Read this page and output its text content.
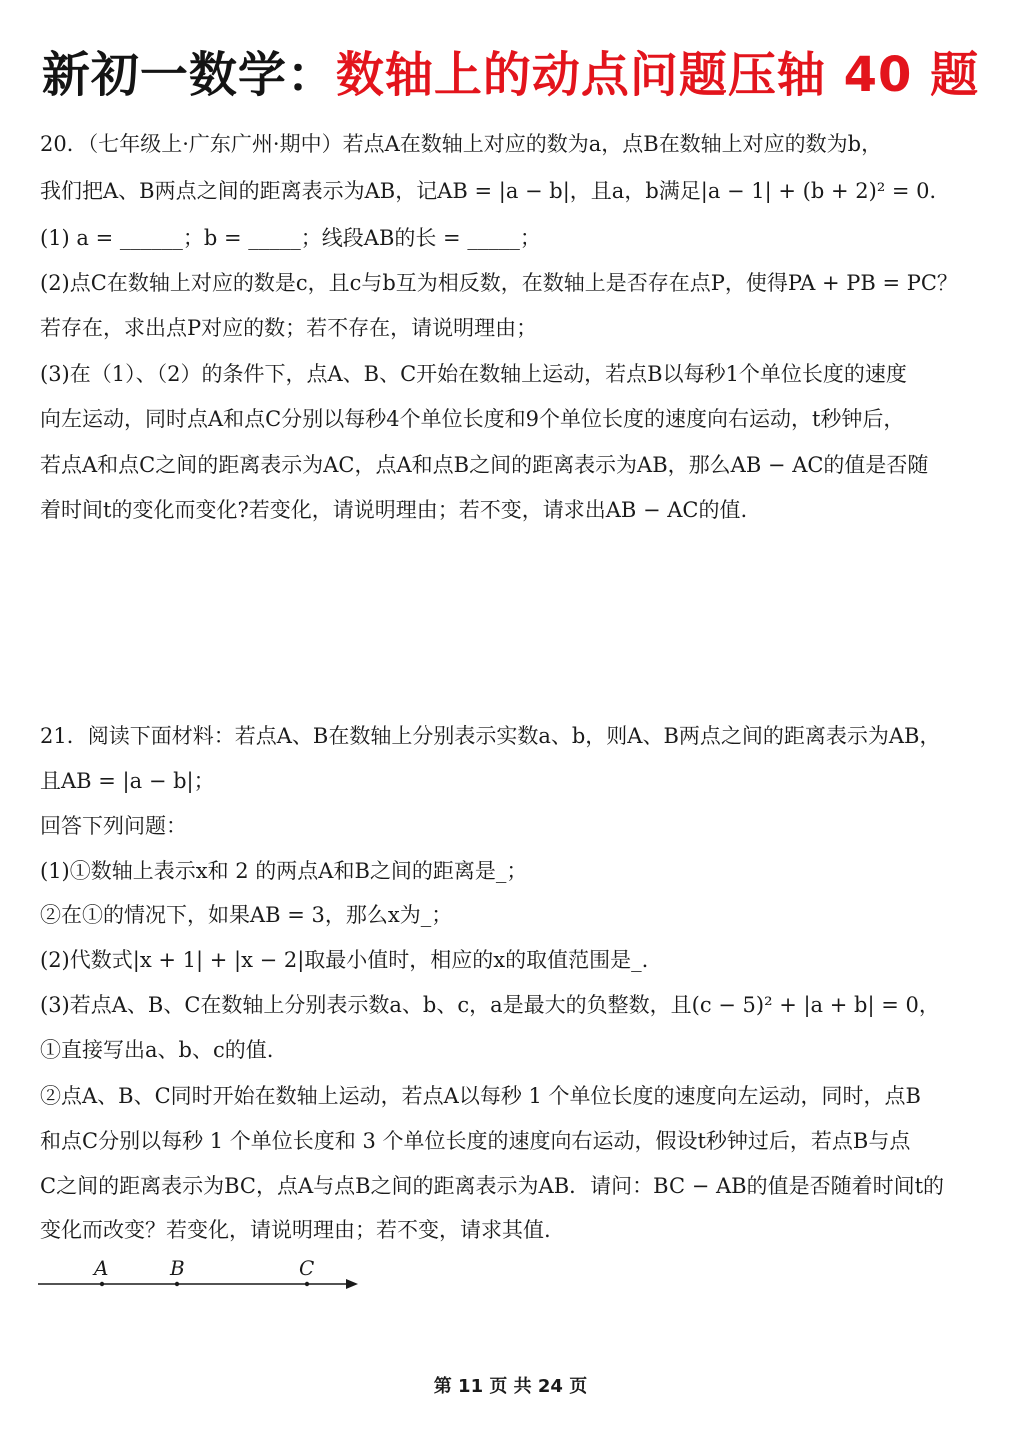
新初一数学：数轴上的动点问题压轴 40 题
20．（七年级上·广东广州·期中）若点A在数轴上对应的数为a，点B在数轴上对应的数为b，
我们把A、B两点之间的距离表示为AB，记AB = |a − b|，且a，b满足|a − 1| + (b + 2)² = 0．
(1) a = ______；b = _____；线段AB的长 = _____；
(2)点C在数轴上对应的数是c，且c与b互为相反数，在数轴上是否存在点P，使得PA + PB = PC？
若存在，求出点P对应的数；若不存在，请说明理由；
(3)在（1）、（2）的条件下，点A、B、C开始在数轴上运动，若点B以每秒1个单位长度的速度
向左运动，同时点A和点C分别以每秒4个单位长度和9个单位长度的速度向右运动，t秒钟后，
若点A和点C之间的距离表示为AC，点A和点B之间的距离表示为AB，那么AB − AC的值是否随
着时间t的变化而变化?若变化，请说明理由；若不变，请求出AB − AC的值.
21．阅读下面材料：若点A、B在数轴上分别表示实数a、b，则A、B两点之间的距离表示为AB，
且AB = |a − b|；
回答下列问题：
(1)①数轴上表示x和 2 的两点A和B之间的距离是_；
②在①的情况下，如果AB = 3，那么x为_；
(2)代数式|x + 1| + |x − 2|取最小值时，相应的x的取值范围是_.
(3)若点A、B、C在数轴上分别表示数a、b、c，a是最大的负整数，且(c − 5)² + |a + b| = 0，
①直接写出a、b、c的值.
②点A、B、C同时开始在数轴上运动，若点A以每秒 1 个单位长度的速度向左运动，同时，点B
和点C分别以每秒 1 个单位长度和 3 个单位长度的速度向右运动，假设t秒钟过后，若点B与点
C之间的距离表示为BC，点A与点B之间的距离表示为AB．请问：BC − AB的值是否随着时间t的
变化而改变？若变化，请说明理由；若不变，请求其值.
A	B	C
第 11 页 共 24 页
